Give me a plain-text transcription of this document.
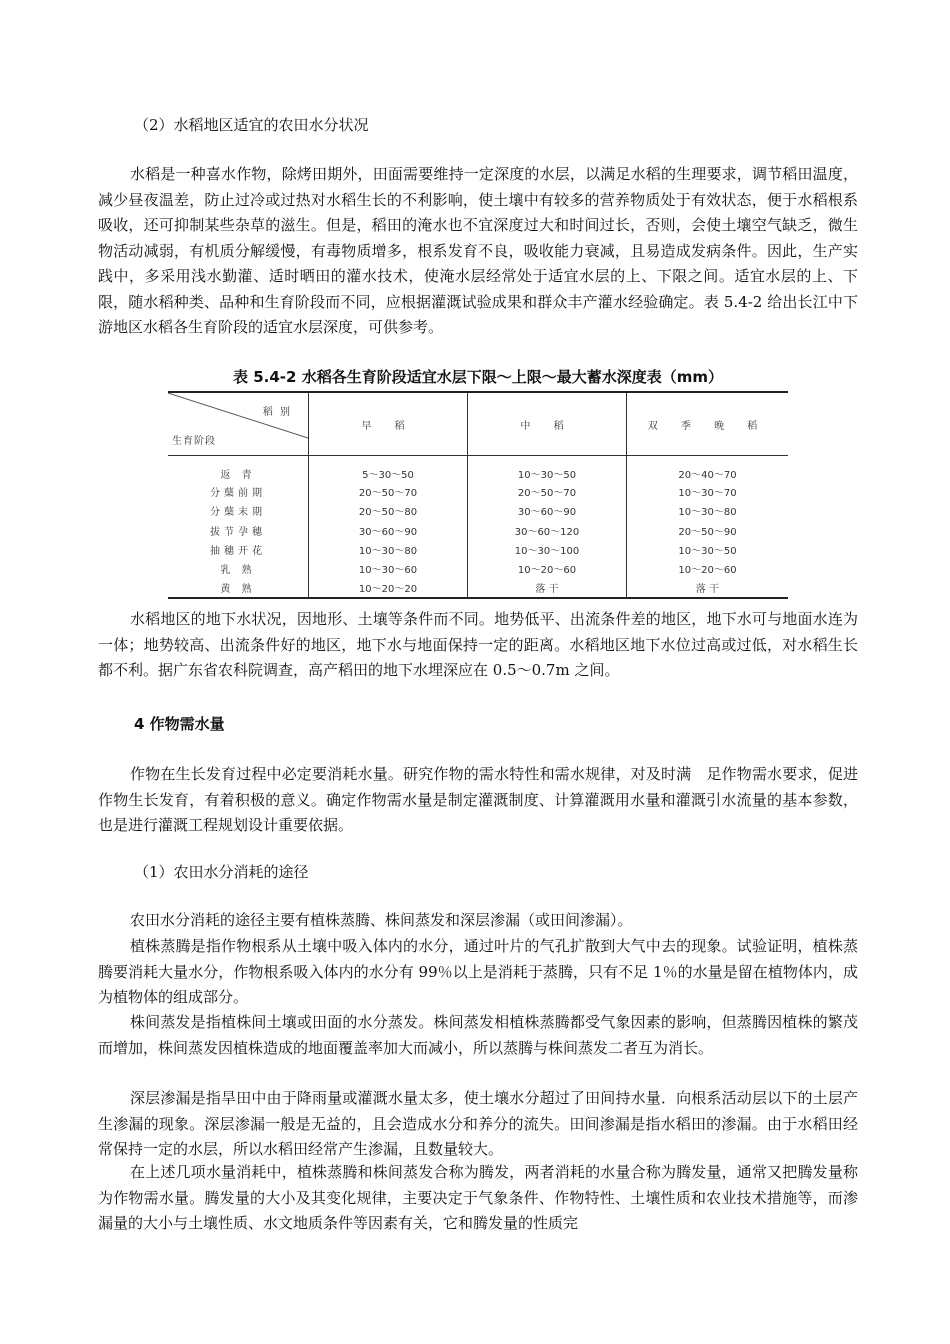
（2）水稻地区适宜的农田水分状况

水稻是一种喜水作物，除烤田期外，田面需要维持一定深度的水层，以满足水稻的生理要求，调节稻田温度，减少昼夜温差，防止过冷或过热对水稻生长的不利影响，使土壤中有较多的营养物质处于有效状态，便于水稻根系吸收，还可抑制某些杂草的滋生。但是，稻田的淹水也不宜深度过大和时间过长，否则，会使土壤空气缺乏，微生物活动减弱，有机质分解缓慢，有毒物质增多，根系发育不良，吸收能力衰减，且易造成发病条件。因此，生产实践中，多采用浅水勤灌、适时晒田的灌水技术，使淹水层经常处于适宜水层的上、下限之间。适宜水层的上、下限，随水稻种类、品种和生育阶段而不同，应根据灌溉试验成果和群众丰产灌水经验确定。表 5.4-2 给出长江中下游地区水稻各生育阶段的适宜水层深度，可供参考。

表 5.4-2 水稻各生育阶段适宜水层下限～上限～最大蓄水深度表（mm）
稻 别
生育阶段	早 稻	中 稻	双 季 晚 稻
返 青	5～30～50	10～30～50	20～40～70
分蘖前期	20～50～70	20～50～70	10～30～70
分蘖末期	20～50～80	30～60～90	10～30～80
拔节孕穗	30～60～90	30～60～120	20～50～90
抽穗开花	10～30～80	10～30～100	10～30～50
乳 熟	10～30～60	10～20～60	10～20～60
黄 熟	10～20～20	落 干	落 干

水稻地区的地下水状况，因地形、土壤等条件而不同。地势低平、出流条件差的地区，地下水可与地面水连为一体；地势较高、出流条件好的地区，地下水与地面保持一定的距离。水稻地区地下水位过高或过低，对水稻生长都不利。据广东省农科院调查，高产稻田的地下水埋深应在 0.5～0.7m 之间。

4 作物需水量

作物在生长发育过程中必定要消耗水量。研究作物的需水特性和需水规律，对及时满　足作物需水要求，促进作物生长发育，有着积极的意义。确定作物需水量是制定灌溉制度、计算灌溉用水量和灌溉引水流量的基本参数，也是进行灌溉工程规划设计重要依据。

（1）农田水分消耗的途径

农田水分消耗的途径主要有植株蒸腾、株间蒸发和深层渗漏（或田间渗漏）。

植株蒸腾是指作物根系从土壤中吸入体内的水分，通过叶片的气孔扩散到大气中去的现象。试验证明，植株蒸腾要消耗大量水分，作物根系吸入体内的水分有 99％以上是消耗于蒸腾，只有不足 1％的水量是留在植物体内，成为植物体的组成部分。

株间蒸发是指植株间土壤或田面的水分蒸发。株间蒸发相植株蒸腾都受气象因素的影响，但蒸腾因植株的繁茂而增加，株间蒸发因植株造成的地面覆盖率加大而减小，所以蒸腾与株间蒸发二者互为消长。

深层渗漏是指旱田中由于降雨量或灌溉水量太多，使土壤水分超过了田间持水量．向根系活动层以下的土层产生渗漏的现象。深层渗漏一般是无益的，且会造成水分和养分的流失。田间渗漏是指水稻田的渗漏。由于水稻田经常保持一定的水层，所以水稻田经常产生渗漏，且数量较大。

在上述几项水量消耗中，植株蒸腾和株间蒸发合称为腾发，两者消耗的水量合称为腾发量，通常又把腾发量称为作物需水量。腾发量的大小及其变化规律，主要决定于气象条件、作物特性、土壤性质和农业技术措施等，而渗漏量的大小与土壤性质、水文地质条件等因素有关，它和腾发量的性质完
